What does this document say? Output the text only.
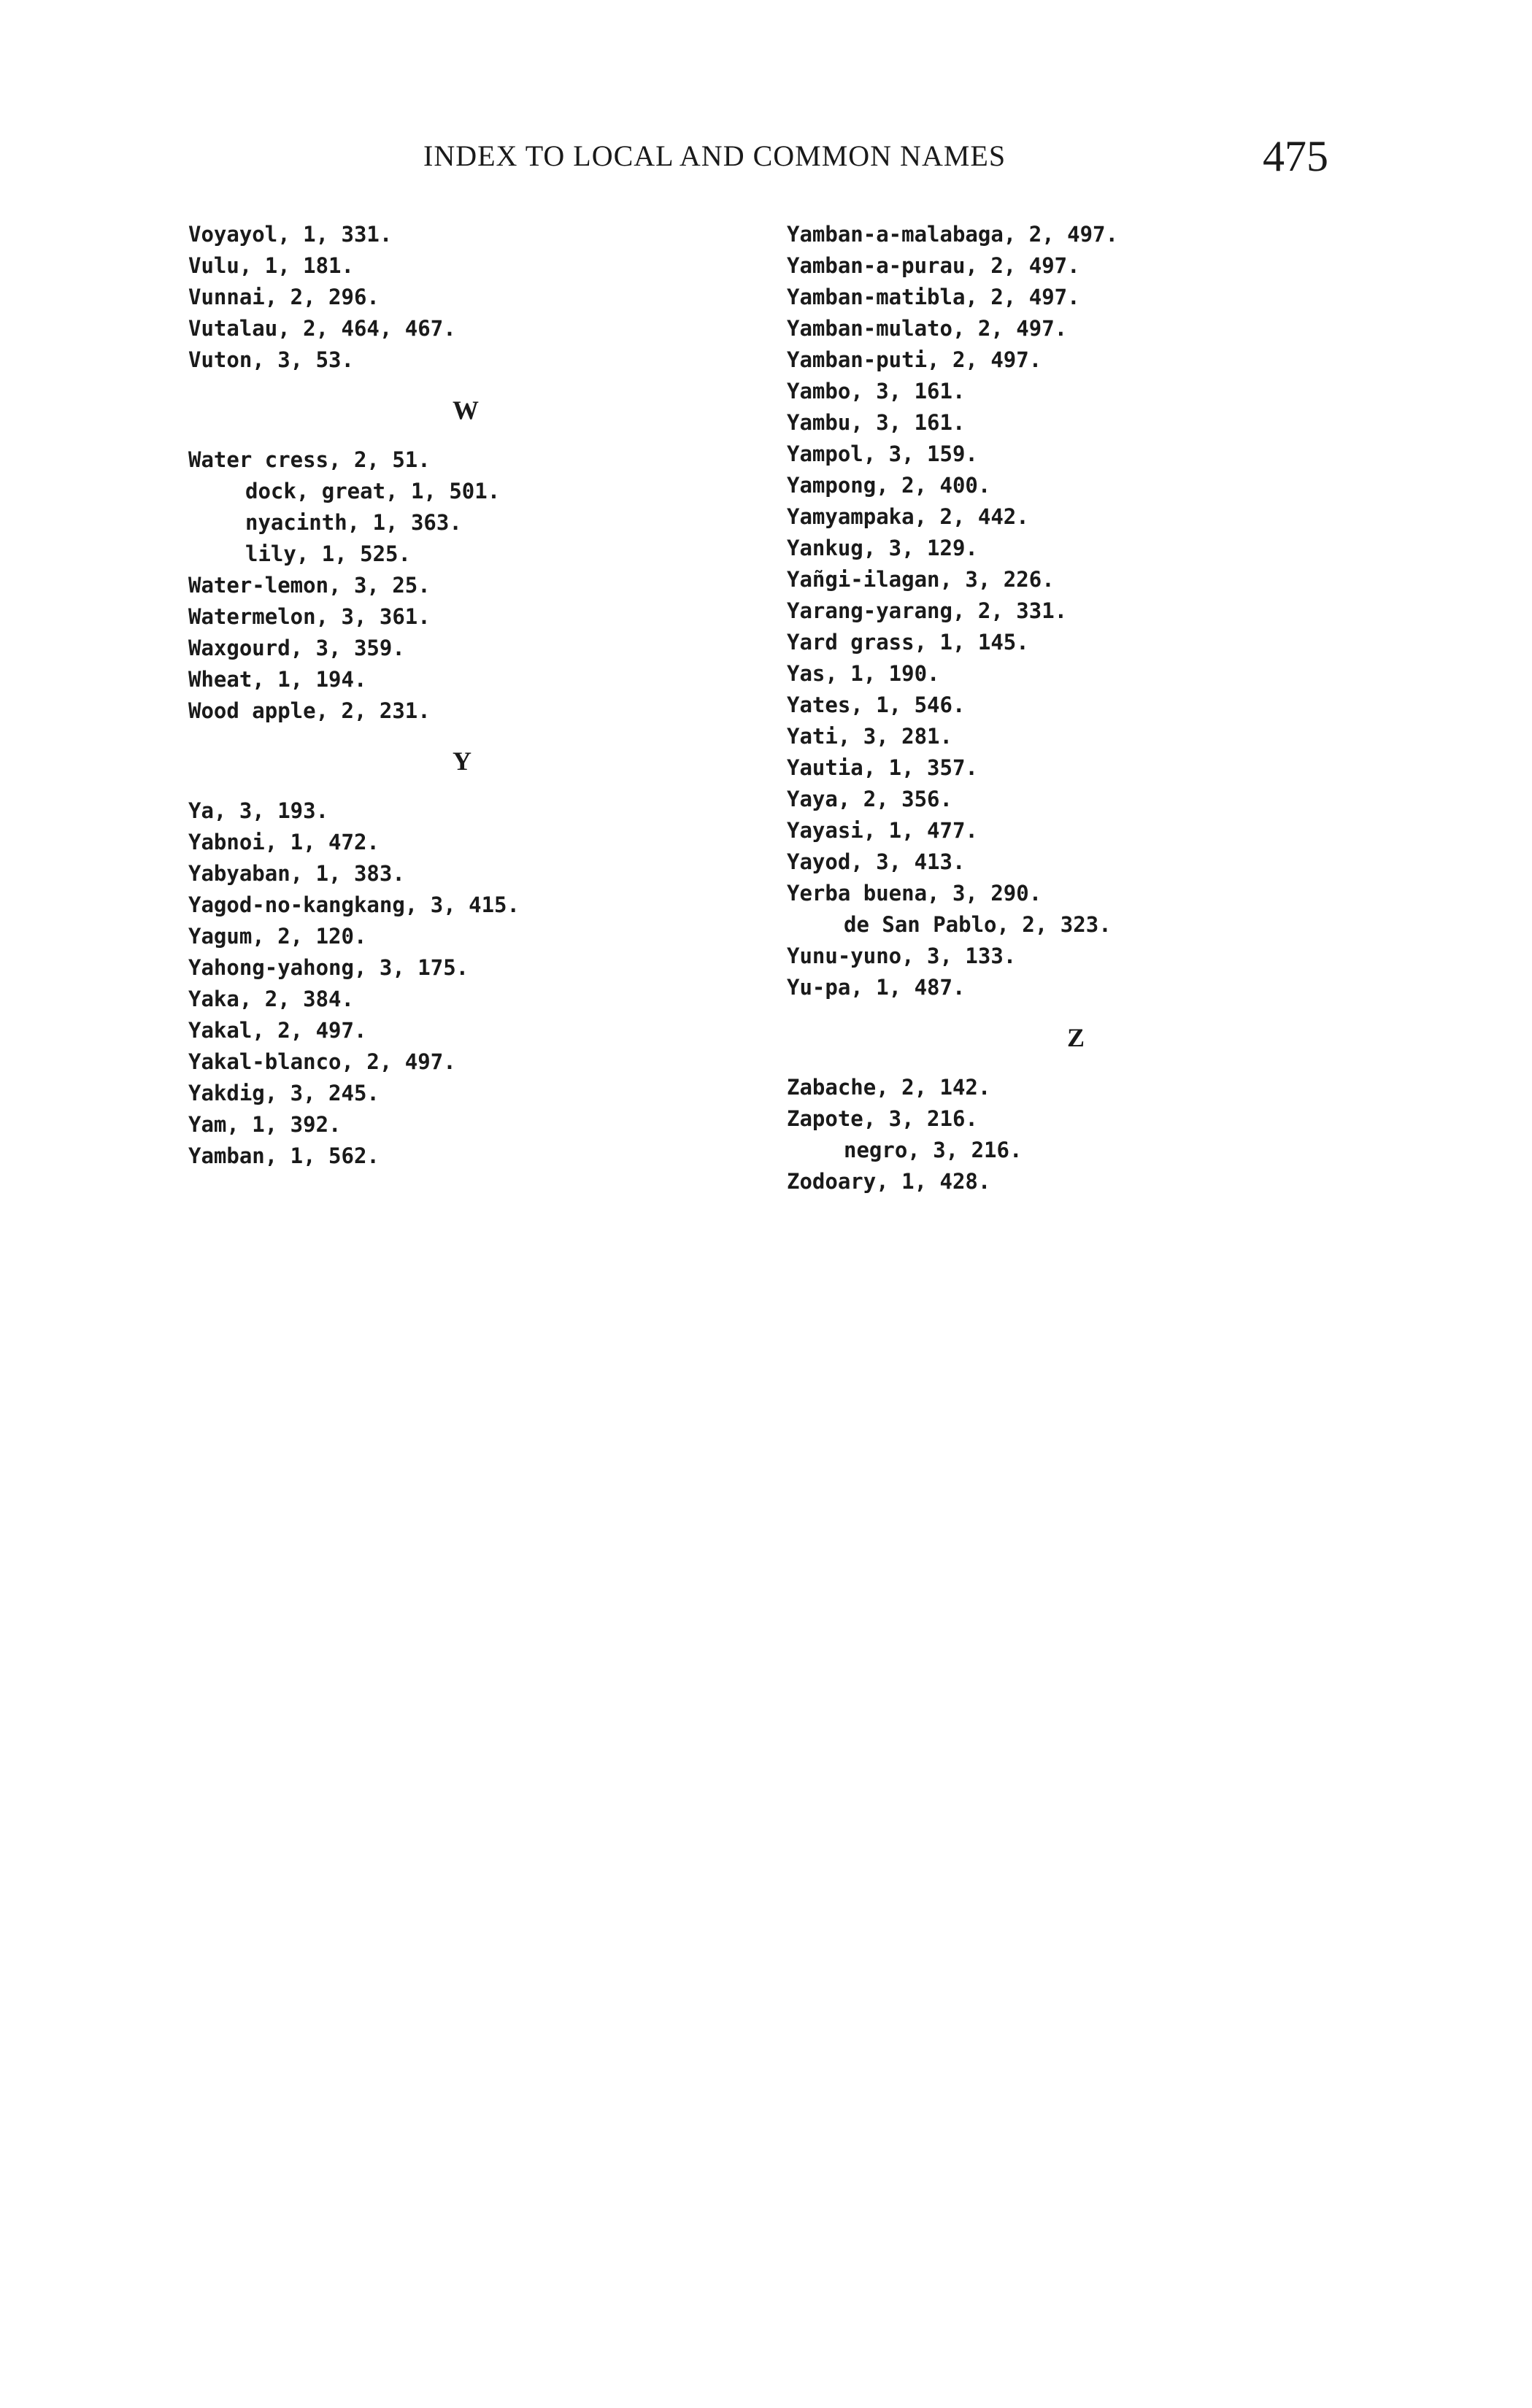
INDEX TO LOCAL AND COMMON NAMES	475
Voyayol, 1, 331.
Vulu, 1, 181.
Vunnai, 2, 296.
Vutalau, 2, 464, 467.
Vuton, 3, 53.
W
Water cress, 2, 51.
dock, great, 1, 501.
nyacinth, 1, 363.
lily, 1, 525.
Water-lemon, 3, 25.
Watermelon, 3, 361.
Waxgourd, 3, 359.
Wheat, 1, 194.
Wood apple, 2, 231.
Y
Ya, 3, 193.
Yabnoi, 1, 472.
Yabyaban, 1, 383.
Yagod-no-kangkang, 3, 415.
Yagum, 2, 120.
Yahong-yahong, 3, 175.
Yaka, 2, 384.
Yakal, 2, 497.
Yakal-blanco, 2, 497.
Yakdig, 3, 245.
Yam, 1, 392.
Yamban, 1, 562.
Yamban-a-malabaga, 2, 497.
Yamban-a-purau, 2, 497.
Yamban-matibla, 2, 497.
Yamban-mulato, 2, 497.
Yamban-puti, 2, 497.
Yambo, 3, 161.
Yambu, 3, 161.
Yampol, 3, 159.
Yampong, 2, 400.
Yamyampaka, 2, 442.
Yankug, 3, 129.
Yañgi-ilagan, 3, 226.
Yarang-yarang, 2, 331.
Yard grass, 1, 145.
Yas, 1, 190.
Yates, 1, 546.
Yati, 3, 281.
Yautia, 1, 357.
Yaya, 2, 356.
Yayasi, 1, 477.
Yayod, 3, 413.
Yerba buena, 3, 290.
de San Pablo, 2, 323.
Yunu-yuno, 3, 133.
Yu-pa, 1, 487.
Z
Zabache, 2, 142.
Zapote, 3, 216.
negro, 3, 216.
Zodoary, 1, 428.
